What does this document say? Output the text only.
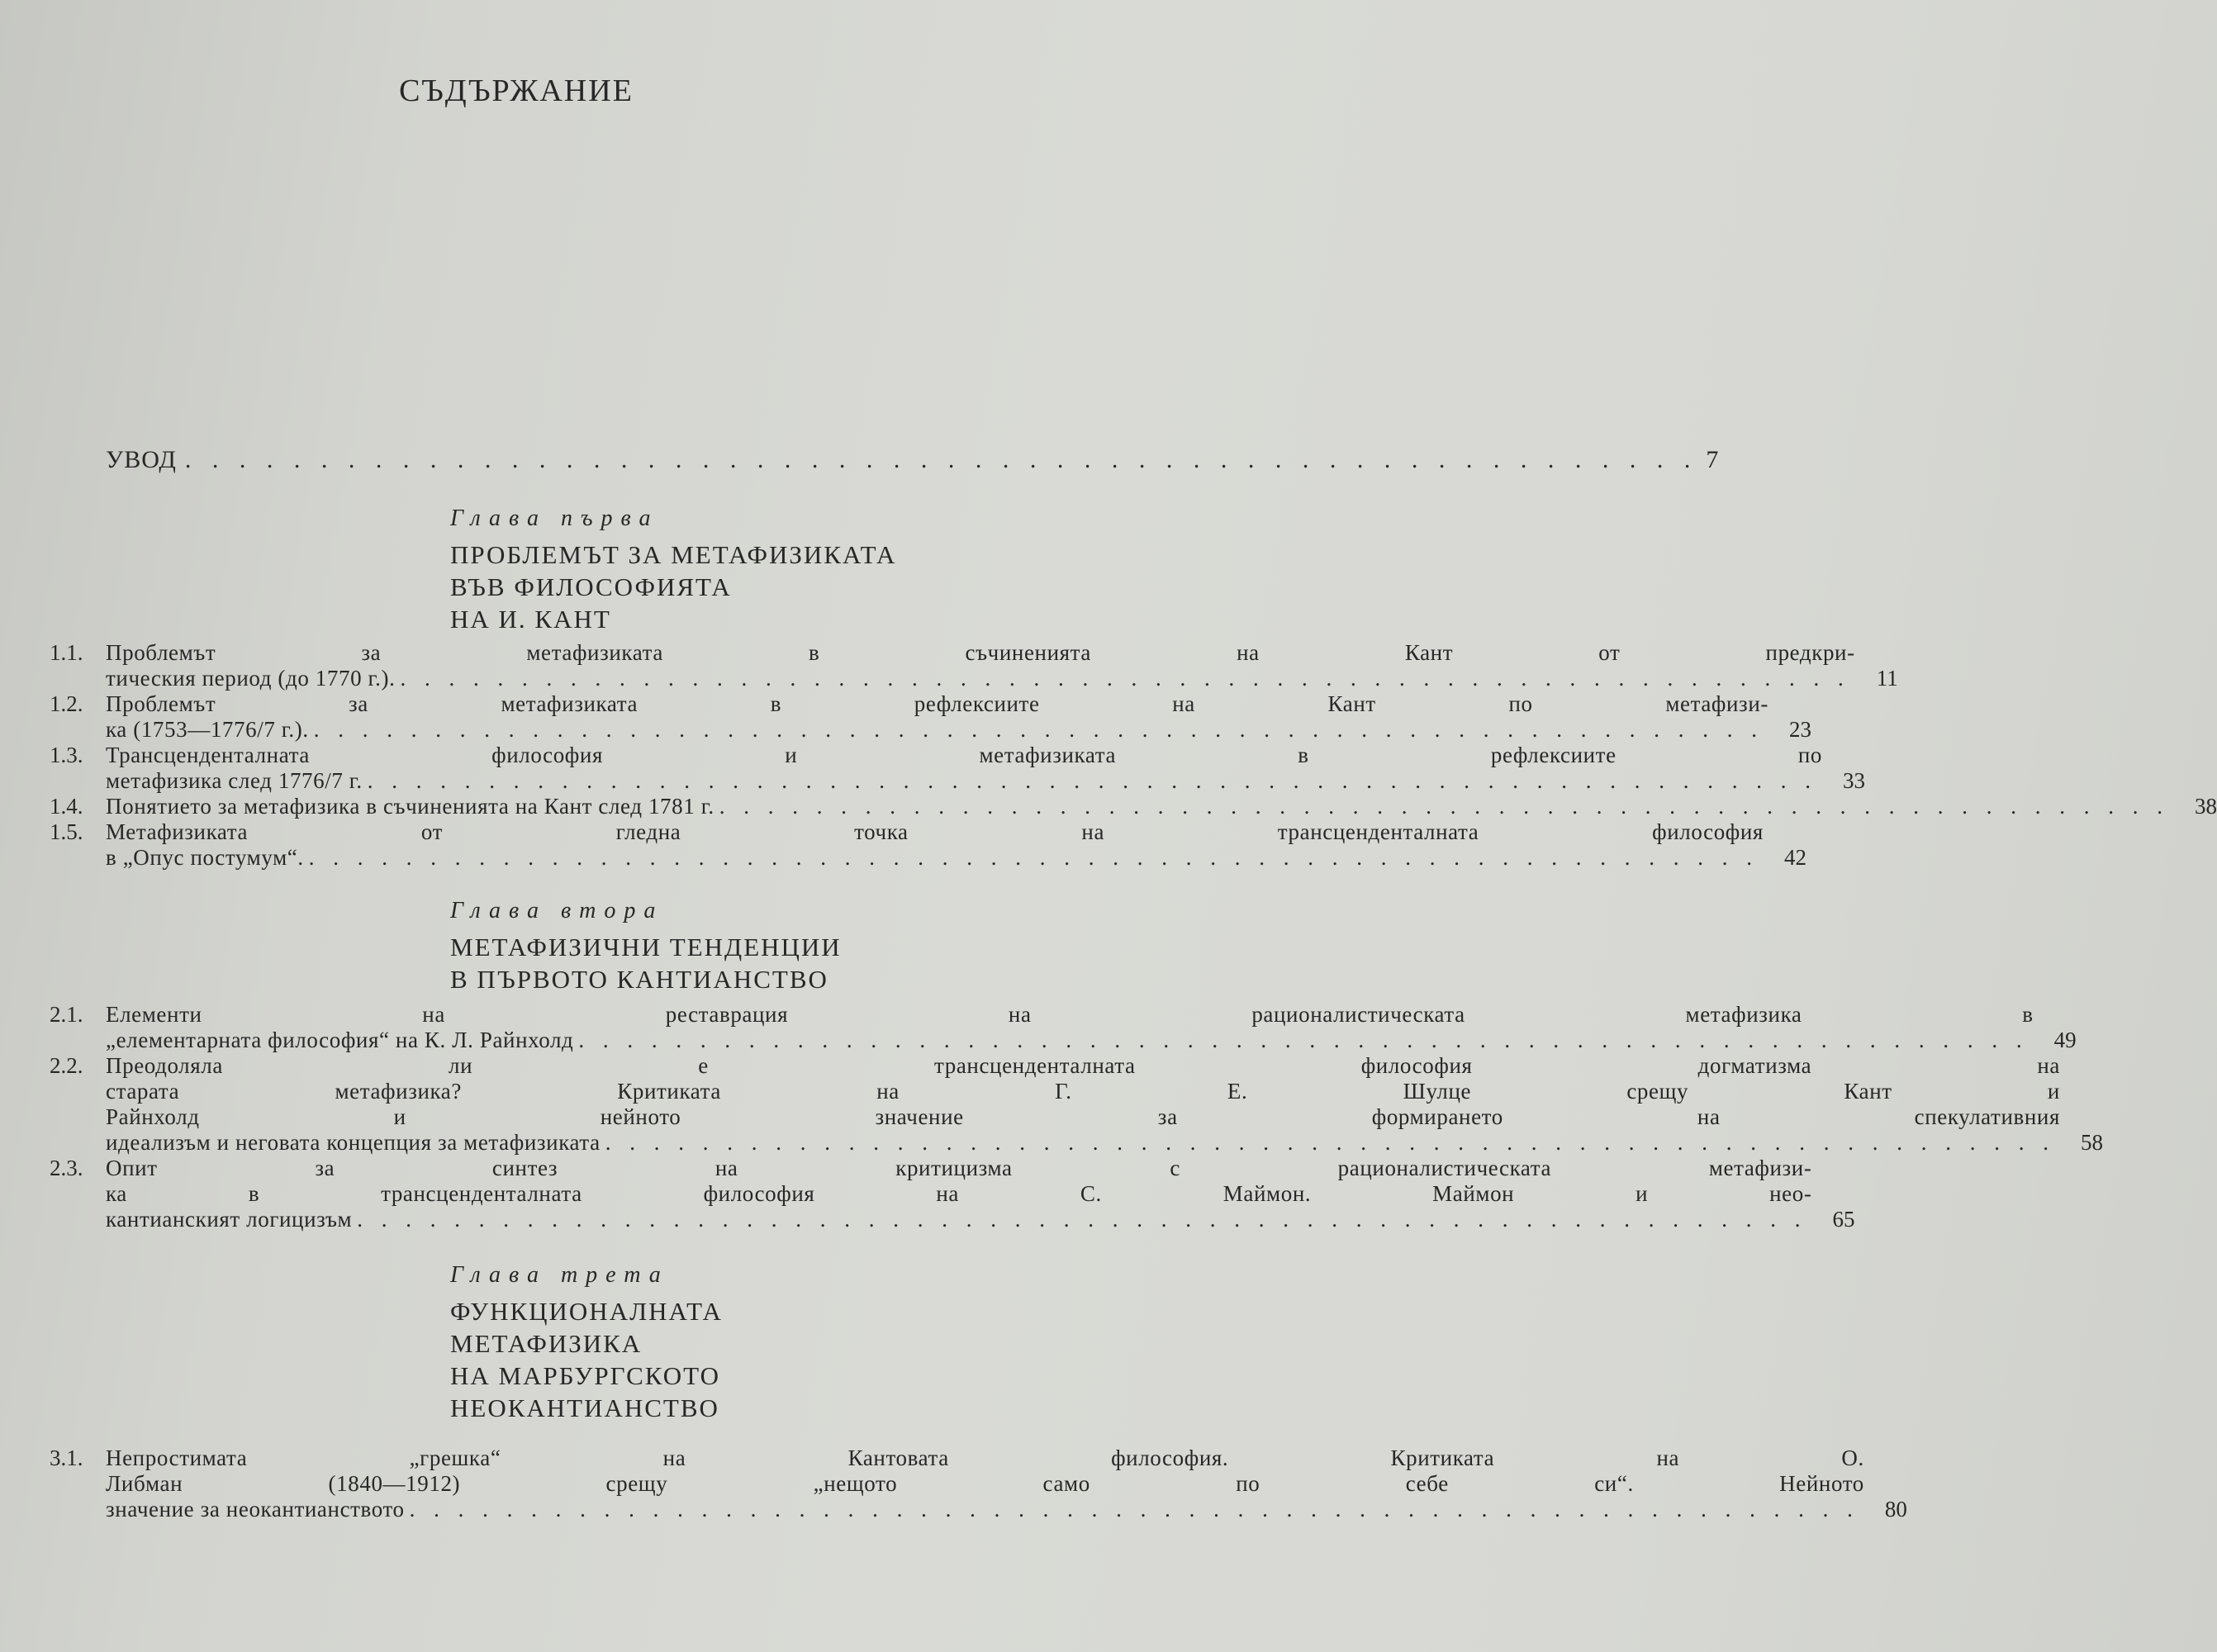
СЪДЪРЖАНИЕ
УВОД . . . . . . . . . . . . . . . . . . . . . . . . . . . . . . . . . . . . . . . . . . . . . . . . . . . . . . . . 7
Глава първа
ПРОБЛЕМЪТ ЗА МЕТАФИЗИКАТА
ВЪВ ФИЛОСОФИЯТА
НА И. КАНТ
1.1.	Проблемът за метафизиката в съчиненията на Кант от предкри-
тическия период (до 1770 г.). . . . . . . . . . . . . . . . . . . . . . . . . . . . . . . . . . . . . . . . . . . . . . . . . . . . . . . . . . . . .	11
1.2.	Проблемът за метафизиката в рефлексиите на Кант по метафизи-
ка (1753—1776/7 г.). . . . . . . . . . . . . . . . . . . . . . . . . . . . . . . . . . . . . . . . . . . . . . . . . . . . . . . . . . . . .	23
1.3.	Трансценденталната философия и метафизиката в рефлексиите по
метафизика след 1776/7 г. . . . . . . . . . . . . . . . . . . . . . . . . . . . . . . . . . . . . . . . . . . . . . . . . . . . . . . . . . . . .	33
1.4.	Понятието за метафизика в съчиненията на Кант след 1781 г. . . . . . . . . . . . . . . . . . . . . . . . . . . . . . . . . . . . . . . . . . . . . . . . . . . . . . . . . . . . .	38
1.5.	Метафизиката от гледна точка на трансценденталната философия
в „Опус постумум“. . . . . . . . . . . . . . . . . . . . . . . . . . . . . . . . . . . . . . . . . . . . . . . . . . . . . . . . . . . . .	42
Глава втора
МЕТАФИЗИЧНИ ТЕНДЕНЦИИ
В ПЪРВОТО КАНТИАНСТВО
2.1.	Елементи на реставрация на рационалистическата метафизика в
„елементарната философия“ на К. Л. Райнхолд . . . . . . . . . . . . . . . . . . . . . . . . . . . . . . . . . . . . . . . . . . . . . . . . . . . . . . . . . . . .	49
2.2.	Преодоляла ли е трансценденталната философия догматизма на
старата метафизика? Критиката на Г. Е. Шулце срещу Кант и
Райнхолд и нейното значение за формирането на спекулативния
идеализъм и неговата концепция за метафизиката . . . . . . . . . . . . . . . . . . . . . . . . . . . . . . . . . . . . . . . . . . . . . . . . . . . . . . . . . . . .	58
2.3.	Опит за синтез на критицизма с рационалистическата метафизи-
ка в трансценденталната философия на С. Маймон. Маймон и нео-
кантианският логицизъм . . . . . . . . . . . . . . . . . . . . . . . . . . . . . . . . . . . . . . . . . . . . . . . . . . . . . . . . . . . .	65
Глава трета
ФУНКЦИОНАЛНАТА
МЕТАФИЗИКА
НА МАРБУРГСКОТО
НЕОКАНТИАНСТВО
3.1.	Непростимата „грешка“ на Кантовата философия. Критиката на О.
Либман (1840—1912) срещу „нещото само по себе си“. Нейното
значение за неокантианството . . . . . . . . . . . . . . . . . . . . . . . . . . . . . . . . . . . . . . . . . . . . . . . . . . . . . . . . . . . .	80
